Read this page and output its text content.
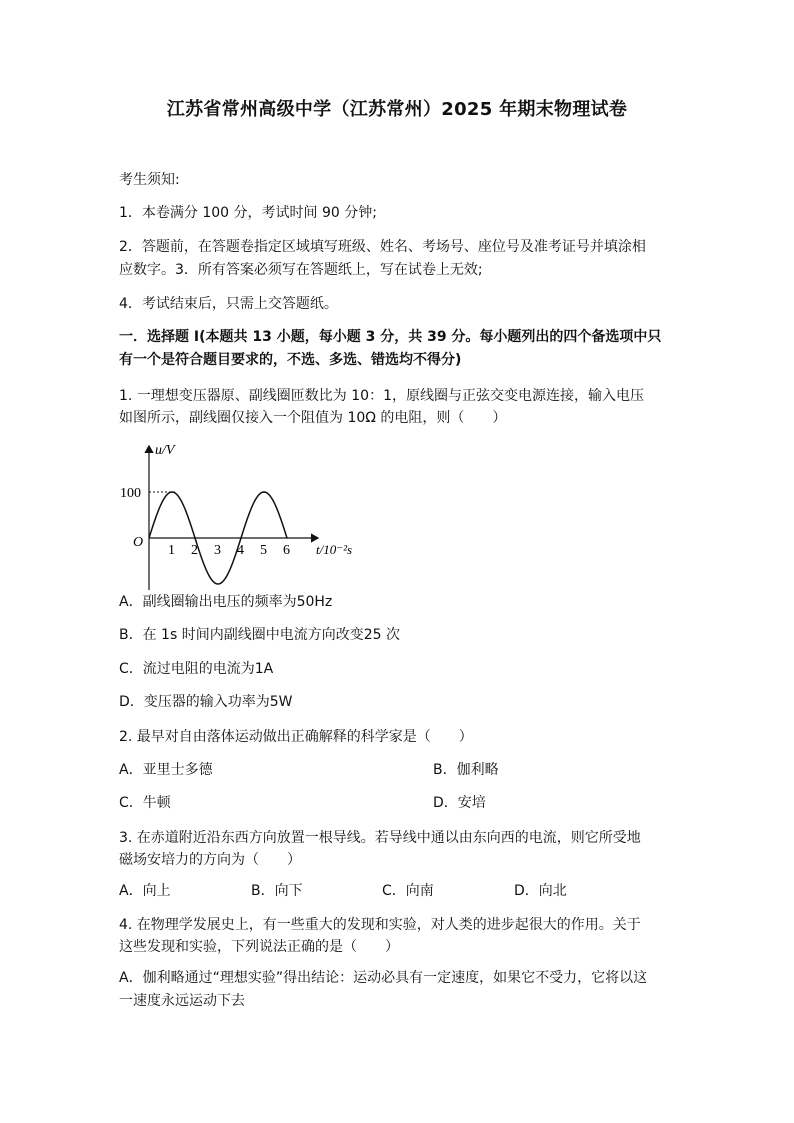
江苏省常州高级中学（江苏常州）2025 年期末物理试卷
考生须知:
1．本卷满分 100 分，考试时间 90 分钟;
2．答题前，在答题卷指定区域填写班级、姓名、考场号、座位号及准考证号并填涂相
应数字。3．所有答案必须写在答题纸上，写在试卷上无效;
4．考试结束后，只需上交答题纸。
一．选择题 I(本题共 13 小题，每小题 3 分，共 39 分。每小题列出的四个备选项中只
有一个是符合题目要求的，不选、多选、错选均不得分)
1. 一理想变压器原、副线圈匝数比为 10：1，原线圈与正弦交变电源连接，输入电压
如图所示，副线圈仅接入一个阻值为 10Ω 的电阻，则（　　）
100
O
u/V
t/10⁻²s
1 2 3 4 5 6
A．副线圈输出电压的频率为50Hz
B．在 1s 时间内副线圈中电流方向改变25 次
C．流过电阻的电流为1A
D．变压器的输入功率为5W
2. 最早对自由落体运动做出正确解释的科学家是（　　）
A．亚里士多德	B．伽利略
C．牛顿	D．安培
3. 在赤道附近沿东西方向放置一根导线。若导线中通以由东向西的电流，则它所受地
磁场安培力的方向为（　　）
A．向上	B．向下	C．向南	D．向北
4. 在物理学发展史上，有一些重大的发现和实验，对人类的进步起很大的作用。关于
这些发现和实验，下列说法正确的是（　　）
A．伽利略通过“理想实验”得出结论：运动必具有一定速度，如果它不受力，它将以这
一速度永远运动下去
